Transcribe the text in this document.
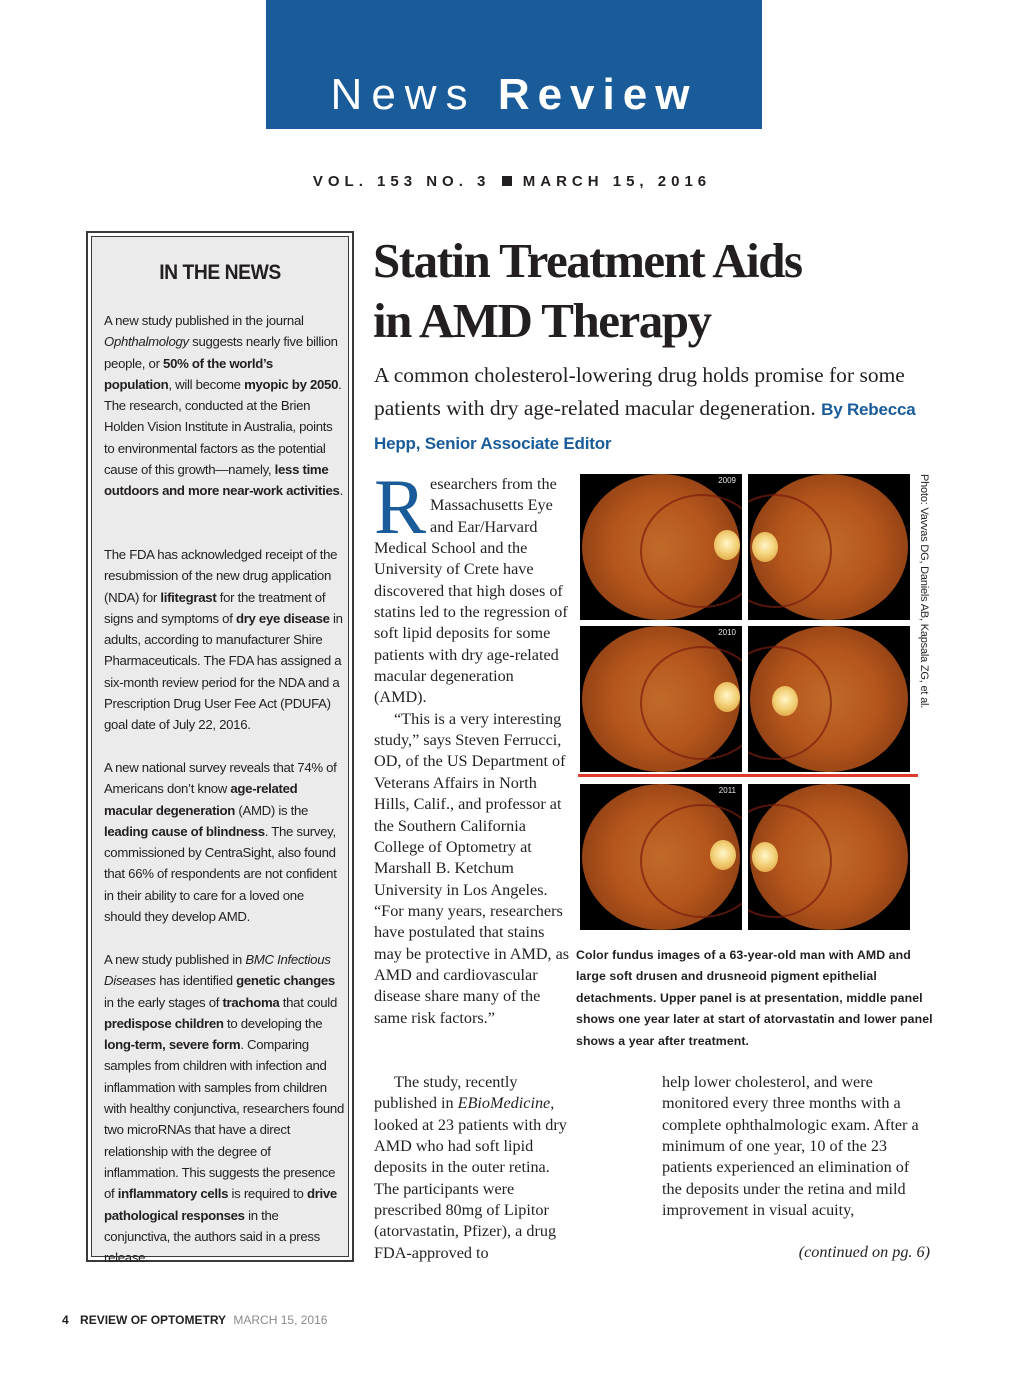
News Review
VOL. 153 NO. 3 MARCH 15, 2016
IN THE NEWS

A new study published in the journal Ophthalmology suggests nearly five billion people, or 50% of the world’s population, will become myopic by 2050. The research, conducted at the Brien Holden Vision Institute in Australia, points to environmental factors as the potential cause of this growth—namely, less time outdoors and more near-work activities.

The FDA has acknowledged receipt of the resubmission of the new drug application (NDA) for lifitegrast for the treatment of signs and symptoms of dry eye disease in adults, according to manufacturer Shire Pharmaceuticals. The FDA has assigned a six-month review period for the NDA and a Prescription Drug User Fee Act (PDUFA) goal date of July 22, 2016.

A new national survey reveals that 74% of Americans don’t know age-related macular degeneration (AMD) is the leading cause of blindness. The survey, commissioned by CentraSight, also found that 66% of respondents are not confident in their ability to care for a loved one should they develop AMD.

A new study published in BMC Infectious Diseases has identified genetic changes in the early stages of trachoma that could predispose children to developing the long-term, severe form. Comparing samples from children with infection and inflammation with samples from children with healthy conjunctiva, researchers found two microRNAs that have a direct relationship with the degree of inflammation. This suggests the presence of inflammatory cells is required to drive pathological responses in the conjunctiva, the authors said in a press release.

Statin Treatment Aids
in AMD Therapy
A common cholesterol-lowering drug holds promise for some patients with dry age-related macular degeneration. By Rebecca Hepp, Senior Associate Editor

Researchers from the Massachusetts Eye and Ear/Harvard Medical School and the University of Crete have discovered that high doses of statins led to the regression of soft lipid deposits for some patients with dry age-related macular degeneration (AMD).

“This is a very interesting study,” says Steven Ferrucci, OD, of the US Department of Veterans Affairs in North Hills, Calif., and professor at the Southern California College of Optometry at Marshall B. Ketchum University in Los Angeles. “For many years, researchers have postulated that stains may be protective in AMD, as AMD and cardiovascular disease share many of the same risk factors.”

The study, recently published in EBioMedicine, looked at 23 patients with dry AMD who had soft lipid deposits in the outer retina. The participants were prescribed 80mg of Lipitor (atorvastatin, Pfizer), a drug FDA-approved to

help lower cholesterol, and were monitored every three months with a complete ophthalmologic exam. After a minimum of one year, 10 of the 23 patients experienced an elimination of the deposits under the retina and mild improvement in visual acuity,

(continued on pg. 6)
2009
2010
2011
Photo: Vavvas DG, Daniels AB, Kapsala ZG, et al.
Color fundus images of a 63-year-old man with AMD and large soft drusen and drusneoid pigment epithelial detachments. Upper panel is at presentation, middle panel shows one year later at start of atorvastatin and lower panel shows a year after treatment.
4 REVIEW OF OPTOMETRY MARCH 15, 2016
